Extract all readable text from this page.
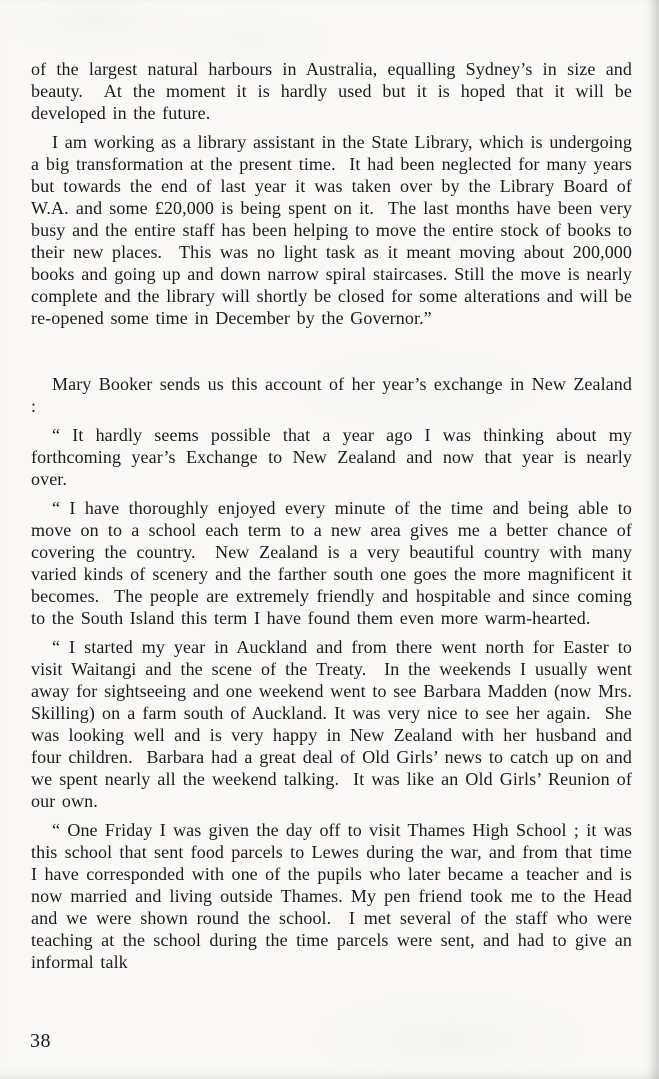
of the largest natural harbours in Australia, equalling Sydney’s in size and beauty.  At the moment it is hardly used but it is hoped that it will be developed in the future.

I am working as a library assistant in the State Library, which is undergoing a big transformation at the present time.  It had been neglected for many years but towards the end of last year it was taken over by the Library Board of W.A. and some £20,000 is being spent on it.  The last months have been very busy and the entire staff has been helping to move the entire stock of books to their new places.  This was no light task as it meant moving about 200,000 books and going up and down narrow spiral staircases. Still the move is nearly complete and the library will shortly be closed for some alterations and will be re-opened some time in December by the Governor.”

Mary Booker sends us this account of her year’s exchange in New Zealand :

“ It hardly seems possible that a year ago I was thinking about my forthcoming year’s Exchange to New Zealand and now that year is nearly over.

“ I have thoroughly enjoyed every minute of the time and being able to move on to a school each term to a new area gives me a better chance of covering the country.  New Zealand is a very beautiful country with many varied kinds of scenery and the farther south one goes the more magnificent it becomes.  The people are extremely friendly and hospitable and since coming to the South Island this term I have found them even more warm-hearted.

“ I started my year in Auckland and from there went north for Easter to visit Waitangi and the scene of the Treaty.  In the weekends I usually went away for sightseeing and one weekend went to see Barbara Madden (now Mrs. Skilling) on a farm south of Auckland. It was very nice to see her again.  She was looking well and is very happy in New Zealand with her husband and four children.  Barbara had a great deal of Old Girls’ news to catch up on and we spent nearly all the weekend talking.  It was like an Old Girls’ Reunion of our own.

“ One Friday I was given the day off to visit Thames High School ; it was this school that sent food parcels to Lewes during the war, and from that time I have corresponded with one of the pupils who later became a teacher and is now married and living outside Thames. My pen friend took me to the Head and we were shown round the school.  I met several of the staff who were teaching at the school during the time parcels were sent, and had to give an informal talk

38
